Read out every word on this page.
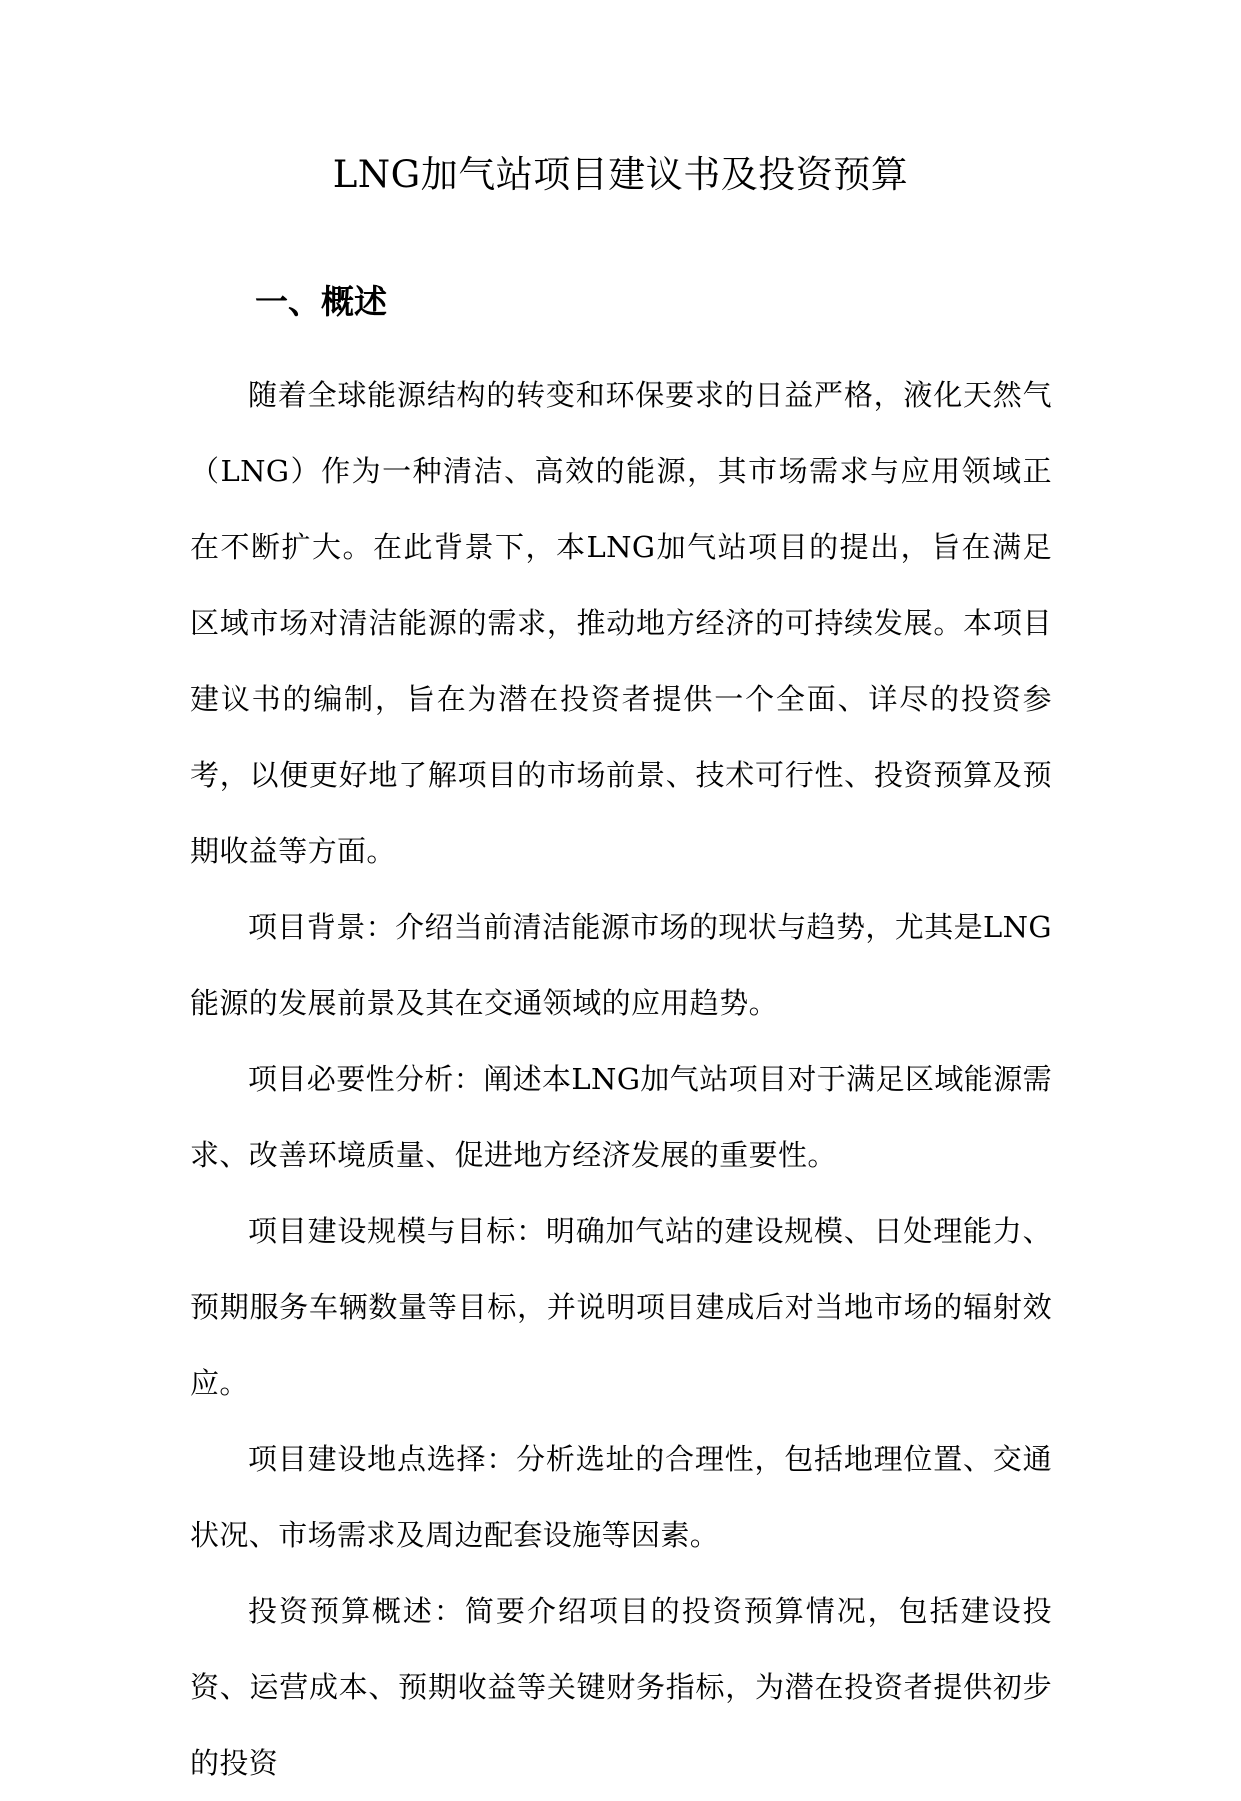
LNG加气站项目建议书及投资预算
一、概述

随着全球能源结构的转变和环保要求的日益严格，液化天然气（LNG）作为一种清洁、高效的能源，其市场需求与应用领域正在不断扩大。在此背景下，本LNG加气站项目的提出，旨在满足区域市场对清洁能源的需求，推动地方经济的可持续发展。本项目建议书的编制，旨在为潜在投资者提供一个全面、详尽的投资参考，以便更好地了解项目的市场前景、技术可行性、投资预算及预期收益等方面。

项目背景：介绍当前清洁能源市场的现状与趋势，尤其是LNG能源的发展前景及其在交通领域的应用趋势。

项目必要性分析：阐述本LNG加气站项目对于满足区域能源需求、改善环境质量、促进地方经济发展的重要性。

项目建设规模与目标：明确加气站的建设规模、日处理能力、预期服务车辆数量等目标，并说明项目建成后对当地市场的辐射效应。

项目建设地点选择：分析选址的合理性，包括地理位置、交通状况、市场需求及周边配套设施等因素。

投资预算概述：简要介绍项目的投资预算情况，包括建设投资、运营成本、预期收益等关键财务指标，为潜在投资者提供初步的投资
